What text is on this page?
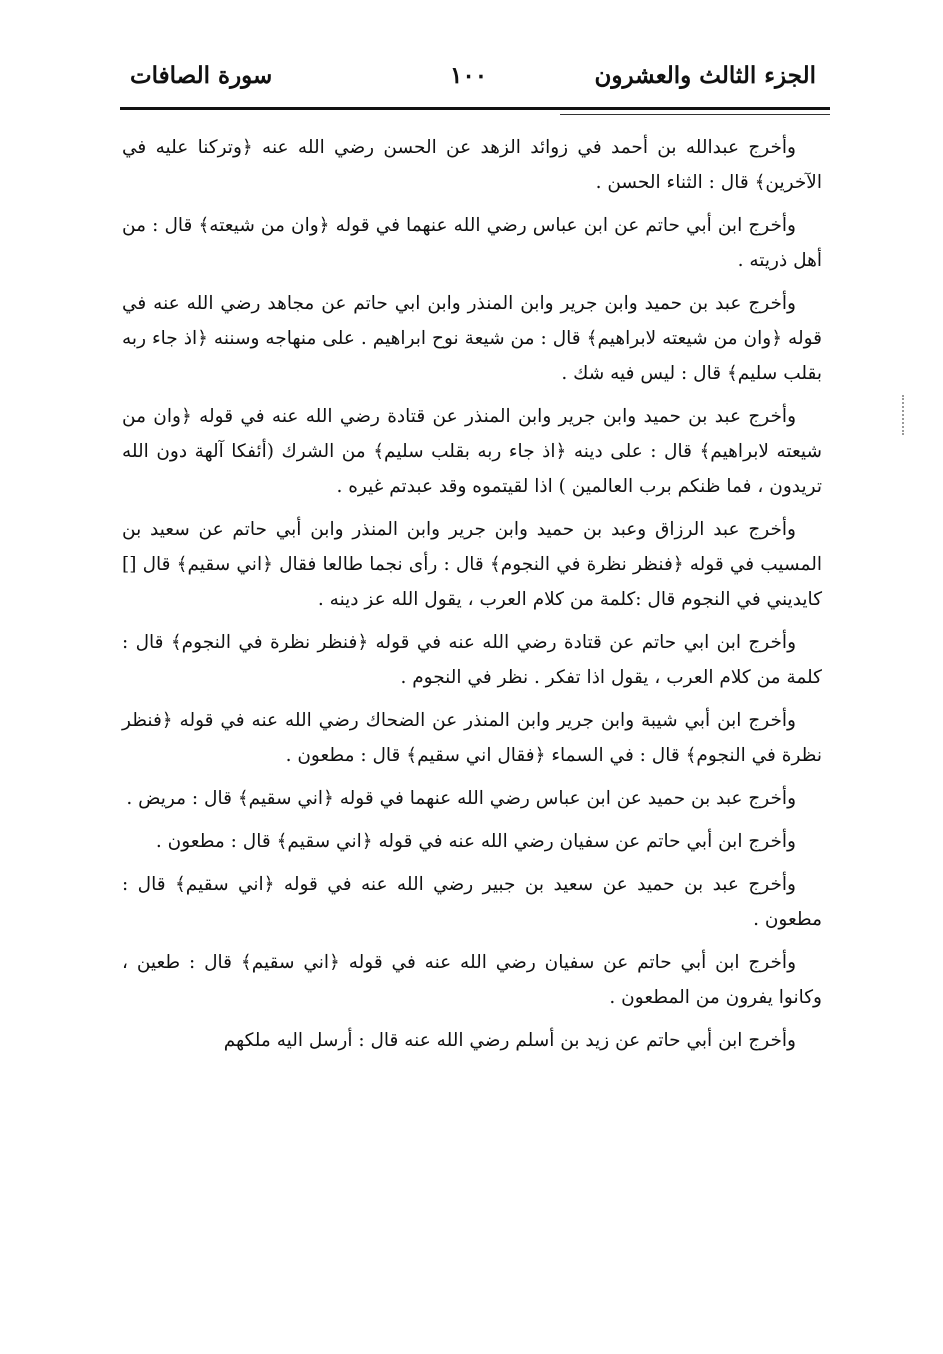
الجزء الثالث والعشرون
١٠٠
سورة الصافات

وأخرج عبدالله بن أحمد في زوائد الزهد عن الحسن رضي الله عنه ﴿وتركنا عليه في الآخرين﴾ قال : الثناء الحسن .

وأخرج ابن أبي حاتم عن ابن عباس رضي الله عنهما في قوله ﴿وان من شيعته﴾ قال : من أهل ذريته .

وأخرج عبد بن حميد وابن جرير وابن المنذر وابن ابي حاتم عن مجاهد رضي الله عنه في قوله ﴿وان من شيعته لابراهيم﴾ قال : من شيعة نوح ابراهيم . على منهاجه وسننه ﴿اذ جاء ربه بقلب سليم﴾ قال : ليس فيه شك .

وأخرج عبد بن حميد وابن جرير وابن المنذر عن قتادة رضي الله عنه في قوله ﴿وان من شيعته لابراهيم﴾ قال : على دينه ﴿اذ جاء ربه بقلب سليم﴾ من الشرك (أئفكا آلهة دون الله تريدون ، فما ظنكم برب العالمين ) اذا لقيتموه وقد عبدتم غيره .

وأخرج عبد الرزاق وعبد بن حميد وابن جرير وابن المنذر وابن أبي حاتم عن سعيد بن المسيب في قوله ﴿فنظر نظرة في النجوم﴾ قال : رأى نجما طالعا فقال ﴿اني سقيم﴾ قال [] كايديني في النجوم قال :كلمة من كلام العرب ، يقول الله عز دينه .

وأخرج ابن ابي حاتم عن قتادة رضي الله عنه في قوله ﴿فنظر نظرة في النجوم﴾ قال : كلمة من كلام العرب ، يقول اذا تفكر . نظر في النجوم .

وأخرج ابن أبي شيبة وابن جرير وابن المنذر عن الضحاك رضي الله عنه في قوله ﴿فنظر نظرة في النجوم﴾ قال : في السماء ﴿فقال اني سقيم﴾ قال : مطعون .

وأخرج عبد بن حميد عن ابن عباس رضي الله عنهما في قوله ﴿اني سقيم﴾ قال : مريض .

وأخرج ابن أبي حاتم عن سفيان رضي الله عنه في قوله ﴿اني سقيم﴾ قال : مطعون .

وأخرج عبد بن حميد عن سعيد بن جبير رضي الله عنه في قوله ﴿اني سقيم﴾ قال : مطعون .

وأخرج ابن أبي حاتم عن سفيان رضي الله عنه في قوله ﴿اني سقيم﴾ قال : طعين ، وكانوا يفرون من المطعون .

وأخرج ابن أبي حاتم عن زيد بن أسلم رضي الله عنه قال : أرسل اليه ملكهم
